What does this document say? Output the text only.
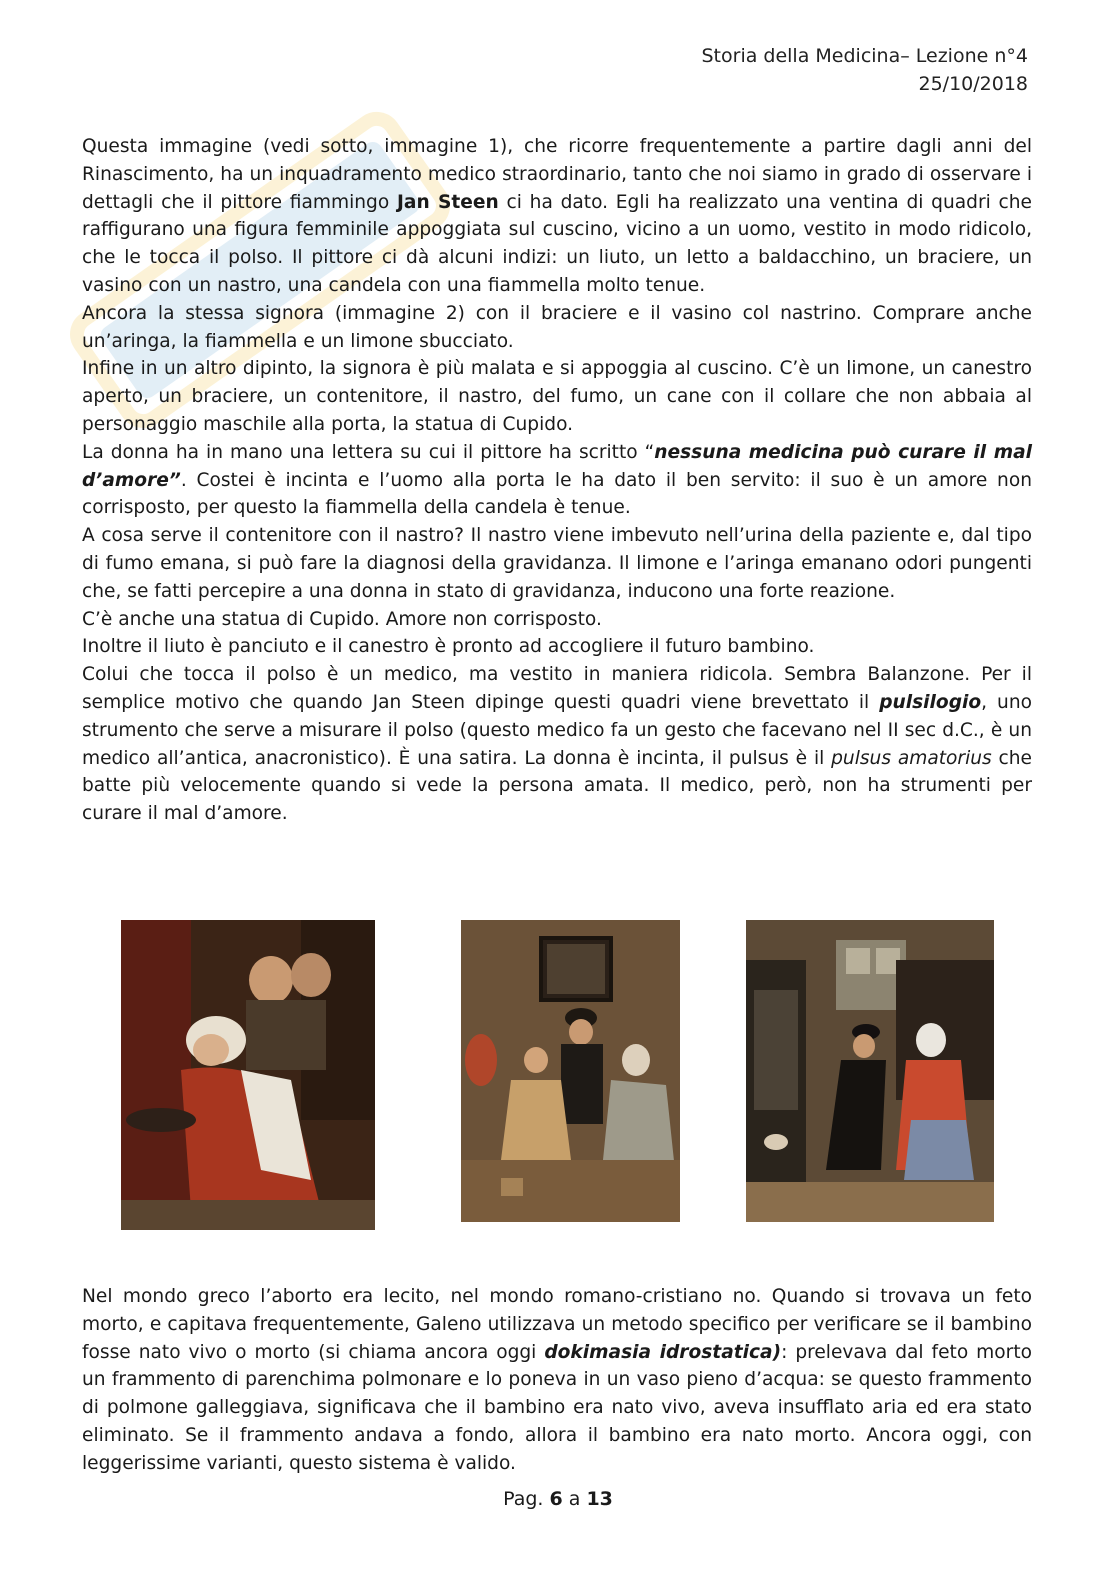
Storia della Medicina– Lezione n°4
25/10/2018

Questa immagine (vedi sotto, immagine 1), che ricorre frequentemente a partire dagli anni del Rinascimento, ha un inquadramento medico straordinario, tanto che noi siamo in grado di osservare i dettagli che il pittore fiammingo Jan Steen ci ha dato. Egli ha realizzato una ventina di quadri che raffigurano una figura femminile appoggiata sul cuscino, vicino a un uomo, vestito in modo ridicolo, che le tocca il polso. Il pittore ci dà alcuni indizi: un liuto, un letto a baldacchino, un braciere, un vasino con un nastro, una candela con una fiammella molto tenue.

Ancora la stessa signora (immagine 2) con il braciere e il vasino col nastrino. Comprare anche un’aringa, la fiammella e un limone sbucciato.

Infine in un altro dipinto, la signora è più malata e si appoggia al cuscino. C’è un limone, un canestro aperto, un braciere, un contenitore, il nastro, del fumo, un cane con il collare che non abbaia al personaggio maschile alla porta, la statua di Cupido.

La donna ha in mano una lettera su cui il pittore ha scritto “nessuna medicina può curare il mal d’amore”. Costei è incinta e l’uomo alla porta le ha dato il ben servito: il suo è un amore non corrisposto, per questo la fiammella della candela è tenue.

A cosa serve il contenitore con il nastro? Il nastro viene imbevuto nell’urina della paziente e, dal tipo di fumo emana, si può fare la diagnosi della gravidanza. Il limone e l’aringa emanano odori pungenti che, se fatti percepire a una donna in stato di gravidanza, inducono una forte reazione.

C’è anche una statua di Cupido. Amore non corrisposto.

Inoltre il liuto è panciuto e il canestro è pronto ad accogliere il futuro bambino.

Colui che tocca il polso è un medico, ma vestito in maniera ridicola. Sembra Balanzone. Per il semplice motivo che quando Jan Steen dipinge questi quadri viene brevettato il pulsilogio, uno strumento che serve a misurare il polso (questo medico fa un gesto che facevano nel II sec d.C., è un medico all’antica, anacronistico). È una satira. La donna è incinta, il pulsus è il pulsus amatorius che batte più velocemente quando si vede la persona amata. Il medico, però, non ha strumenti per curare il mal d’amore.

Nel mondo greco l’aborto era lecito, nel mondo romano-cristiano no. Quando si trovava un feto morto, e capitava frequentemente, Galeno utilizzava un metodo specifico per verificare se il bambino fosse nato vivo o morto (si chiama ancora oggi dokimasia idrostatica): prelevava dal feto morto un frammento di parenchima polmonare e lo poneva in un vaso pieno d’acqua: se questo frammento di polmone galleggiava, significava che il bambino era nato vivo, aveva insufflato aria ed era stato eliminato. Se il frammento andava a fondo, allora il bambino era nato morto. Ancora oggi, con leggerissime varianti, questo sistema è valido.

Pag. 6 a 13
